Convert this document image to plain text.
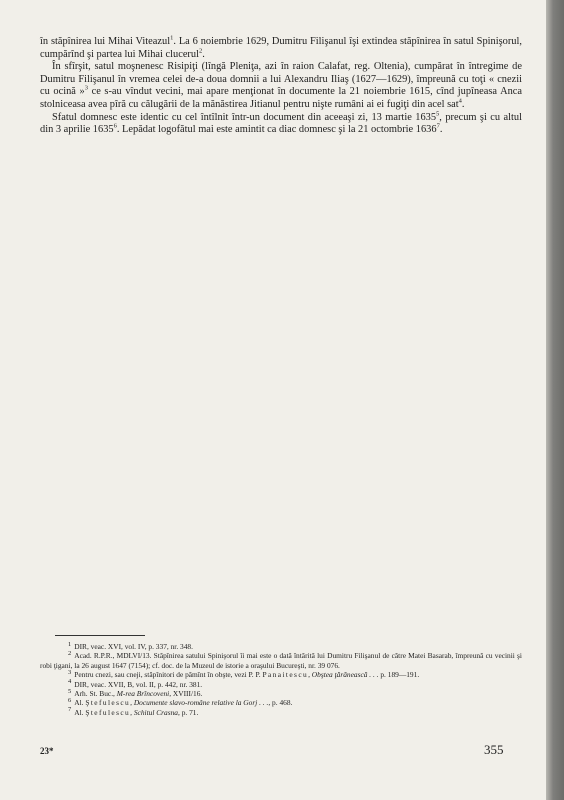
în stăpînirea lui Mihai Viteazul$^1$. La 6 noiembrie 1629, Dumitru Filişanul îşi extindea stăpînirea în satul Spinişorul, cumpărînd şi partea lui Mihai clucerul$^2$.

În sfîrşit, satul moşnenesc Risipiţi (lîngă Pleniţa, azi în raion Calafat, reg. Oltenia), cumpărat în întregime de Dumitru Filişanul în vremea celei de-a doua domnii a lui Alexandru Iliaş (1627—1629), împreună cu toţi « cnezii cu ocină »$^3$ ce s-au vîndut vecini, mai apare menţionat în documente la 21 noiembrie 1615, cînd jupîneasa Anca stolniceasa avea pîră cu călugării de la mănăstirea Jitianul pentru nişte rumâni ai ei fugiţi din acel sat$^4$.

Sfatul domnesc este identic cu cel întîlnit într-un document din aceeaşi zi, 13 martie 1635$^5$, precum şi cu altul din 3 aprilie 1635$^6$. Lepădat logofătul mai este amintit ca diac domnesc şi la 21 octombrie 1636$^7$.

$^1$ DIR, veac. XVI, vol. IV, p. 337, nr. 348.
$^2$ Acad. R.P.R., MDLVI/13. Stăpînirea satului Spinişorul îi mai este o dată întărită lui Dumitru Filişanul de către Matei Basarab, împreună cu vecinii şi robi ţigani, la 26 august 1647 (7154); cf. doc. de la Muzeul de istorie a oraşului Bucureşti, nr. 39 076.
$^3$ Pentru cnezi, sau cneji, stăpînitori de pămînt în obşte, vezi P. P. Panaitescu, Obştea ţărănească . . . p. 189—191.
$^4$ DIR, veac. XVII, B, vol. II, p. 442, nr. 381.
$^5$ Arh. St. Buc., M-rea Brîncoveni, XVIII/16.
$^6$ Al. Ştefulescu, Documente slavo-române relative la Gorj . . ., p. 468.
$^7$ Al. Ştefulescu, Schitul Crasna, p. 71.
23*	355
